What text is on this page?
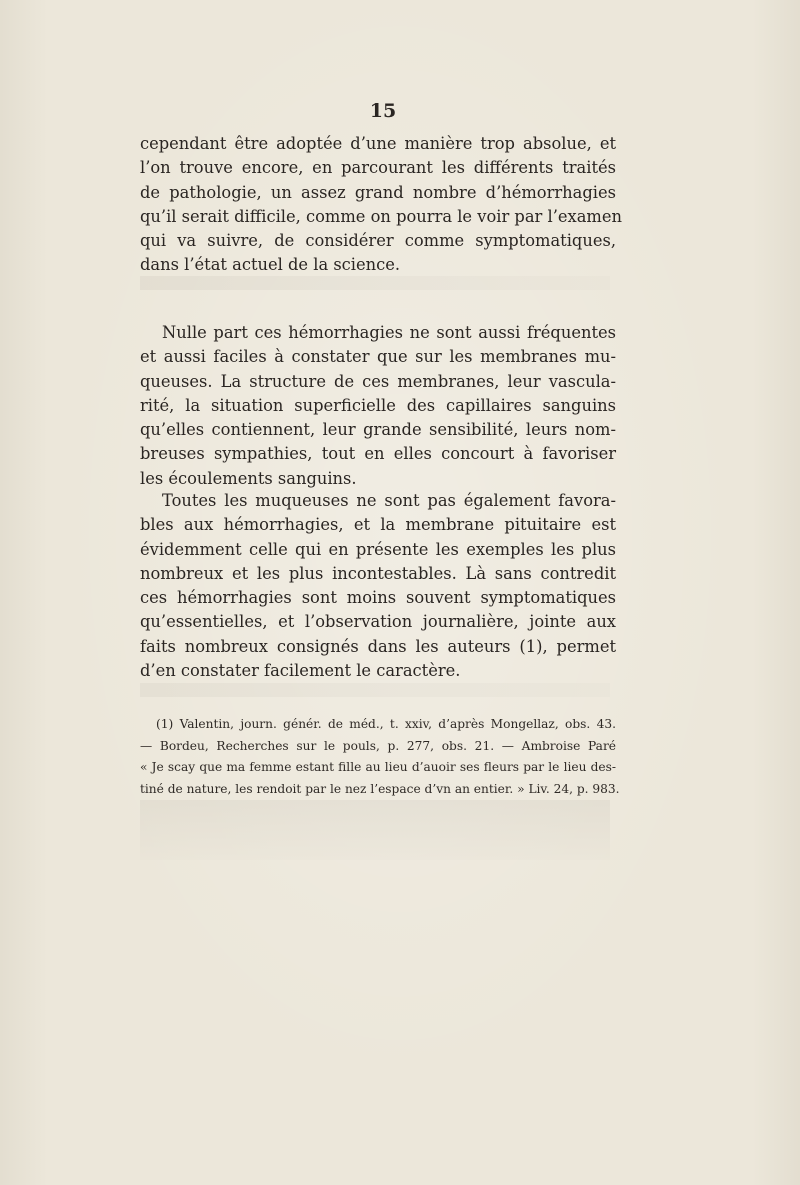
15
cependant être adoptée d’une manière trop absolue, et
l’on trouve encore, en parcourant les différents traités
de pathologie, un assez grand nombre d’hémorrhagies
qu’il serait difficile, comme on pourra le voir par l’examen
qui va suivre, de considérer comme symptomatiques,
dans l’état actuel de la science.
Nulle part ces hémorrhagies ne sont aussi fréquentes
et aussi faciles à constater que sur les membranes mu-
queuses. La structure de ces membranes, leur vascula-
rité, la situation superficielle des capillaires sanguins
qu’elles contiennent, leur grande sensibilité, leurs nom-
breuses sympathies, tout en elles concourt à favoriser
les écoulements sanguins.
Toutes les muqueuses ne sont pas également favora-
bles aux hémorrhagies, et la membrane pituitaire est
évidemment celle qui en présente les exemples les plus
nombreux et les plus incontestables. Là sans contredit
ces hémorrhagies sont moins souvent symptomatiques
qu’essentielles, et l’observation journalière, jointe aux
faits nombreux consignés dans les auteurs (1), permet
d’en constater facilement le caractère.
(1) Valentin, journ. génér. de méd., t. xxiv, d’après Mongellaz, obs. 43.
— Bordeu, Recherches sur le pouls, p. 277, obs. 21. — Ambroise Paré
« Je scay que ma femme estant fille au lieu d’auoir ses fleurs par le lieu des-
tiné de nature, les rendoit par le nez l’espace d’vn an entier. » Liv. 24, p. 983.
